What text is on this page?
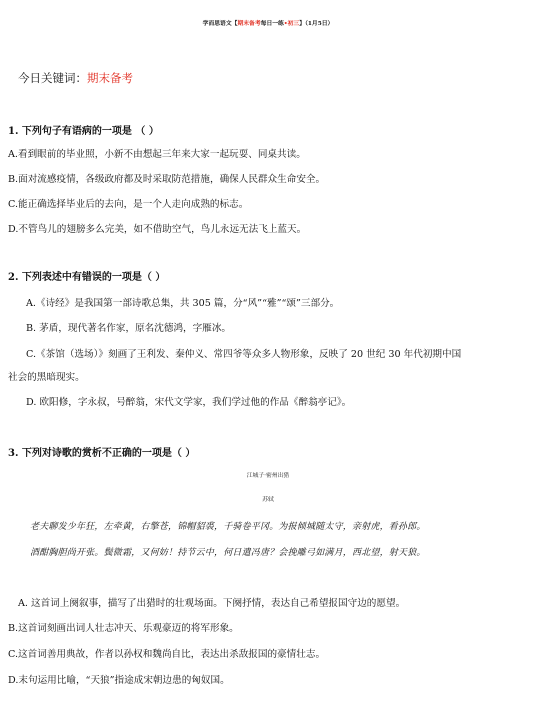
学而思语文【期末备考每日一练•初三】（1月5日）
今日关键词：期末备考
1. 下列句子有语病的一项是 （ ）
A.看到眼前的毕业照，小新不由想起三年来大家一起玩耍、同桌共读。
B.面对流感疫情，各级政府都及时采取防范措施，确保人民群众生命安全。
C.能正确选择毕业后的去向，是一个人走向成熟的标志。
D.不管鸟儿的翅膀多么完美，如不借助空气，鸟儿永远无法飞上蓝天。
2. 下列表述中有错误的一项是（ ）
A.《诗经》是我国第一部诗歌总集，共 305 篇，分“风”“雅”“颂”三部分。
B. 茅盾，现代著名作家，原名沈德鸿，字雁冰。
C.《茶馆（选场）》刻画了王利发、秦仲义、常四爷等众多人物形象，反映了 20 世纪 30 年代初期中国
社会的黑暗现实。
D. 欧阳修，字永叔，号醉翁，宋代文学家，我们学过他的作品《醉翁亭记》。
3. 下列对诗歌的赏析不正确的一项是（ ）
江城子·密州出猎
苏轼
老夫聊发少年狂，左牵黄，右擎苍，锦帽貂裘，千骑卷平冈。为报倾城随太守，亲射虎，看孙郎。
酒酣胸胆尚开张。鬓微霜，又何妨！持节云中，何日遣冯唐？会挽雕弓如满月，西北望，射天狼。
A. 这首词上阕叙事，描写了出猎时的壮观场面。下阕抒情，表达自己希望报国守边的愿望。
B.这首词刻画出词人壮志冲天、乐观豪迈的将军形象。
C.这首词善用典故，作者以孙权和魏尚自比，表达出杀敌报国的豪情壮志。
D.末句运用比喻，“天狼”指途成宋朝边患的匈奴国。
